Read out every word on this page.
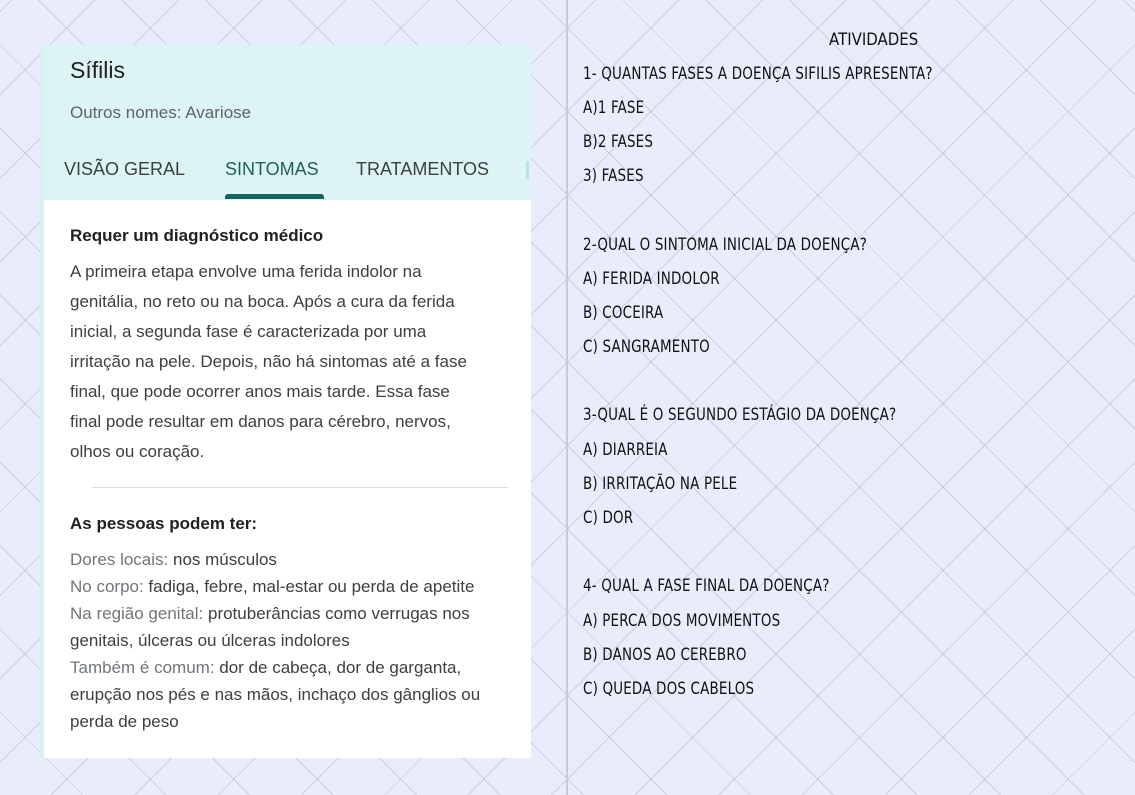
Sífilis
Outros nomes: Avariose
VISÃO GERAL SINTOMAS TRATAMENTOS
Requer um diagnóstico médico
A primeira etapa envolve uma ferida indolor na
genitália, no reto ou na boca. Após a cura da ferida
inicial, a segunda fase é caracterizada por uma
irritação na pele. Depois, não há sintomas até a fase
final, que pode ocorrer anos mais tarde. Essa fase
final pode resultar em danos para cérebro, nervos,
olhos ou coração.
As pessoas podem ter:
Dores locais: nos músculos
No corpo: fadiga, febre, mal-estar ou perda de apetite
Na região genital: protuberâncias como verrugas nos
genitais, úlceras ou úlceras indolores
Também é comum: dor de cabeça, dor de garganta,
erupção nos pés e nas mãos, inchaço dos gânglios ou
perda de peso
ATIVIDADES
1- QUANTAS FASES A DOENÇA SIFILIS APRESENTA?
A)1 FASE
B)2 FASES
3) FASES
2-QUAL O SINTOMA INICIAL DA DOENÇA?
A) FERIDA INDOLOR
B) COCEIRA
C) SANGRAMENTO
3-QUAL É O SEGUNDO ESTÁGIO DA DOENÇA?
A) DIARREIA
B) IRRITAÇÃO NA PELE
C) DOR
4- QUAL A FASE FINAL DA DOENÇA?
A) PERCA DOS MOVIMENTOS
B) DANOS AO CEREBRO
C) QUEDA DOS CABELOS
